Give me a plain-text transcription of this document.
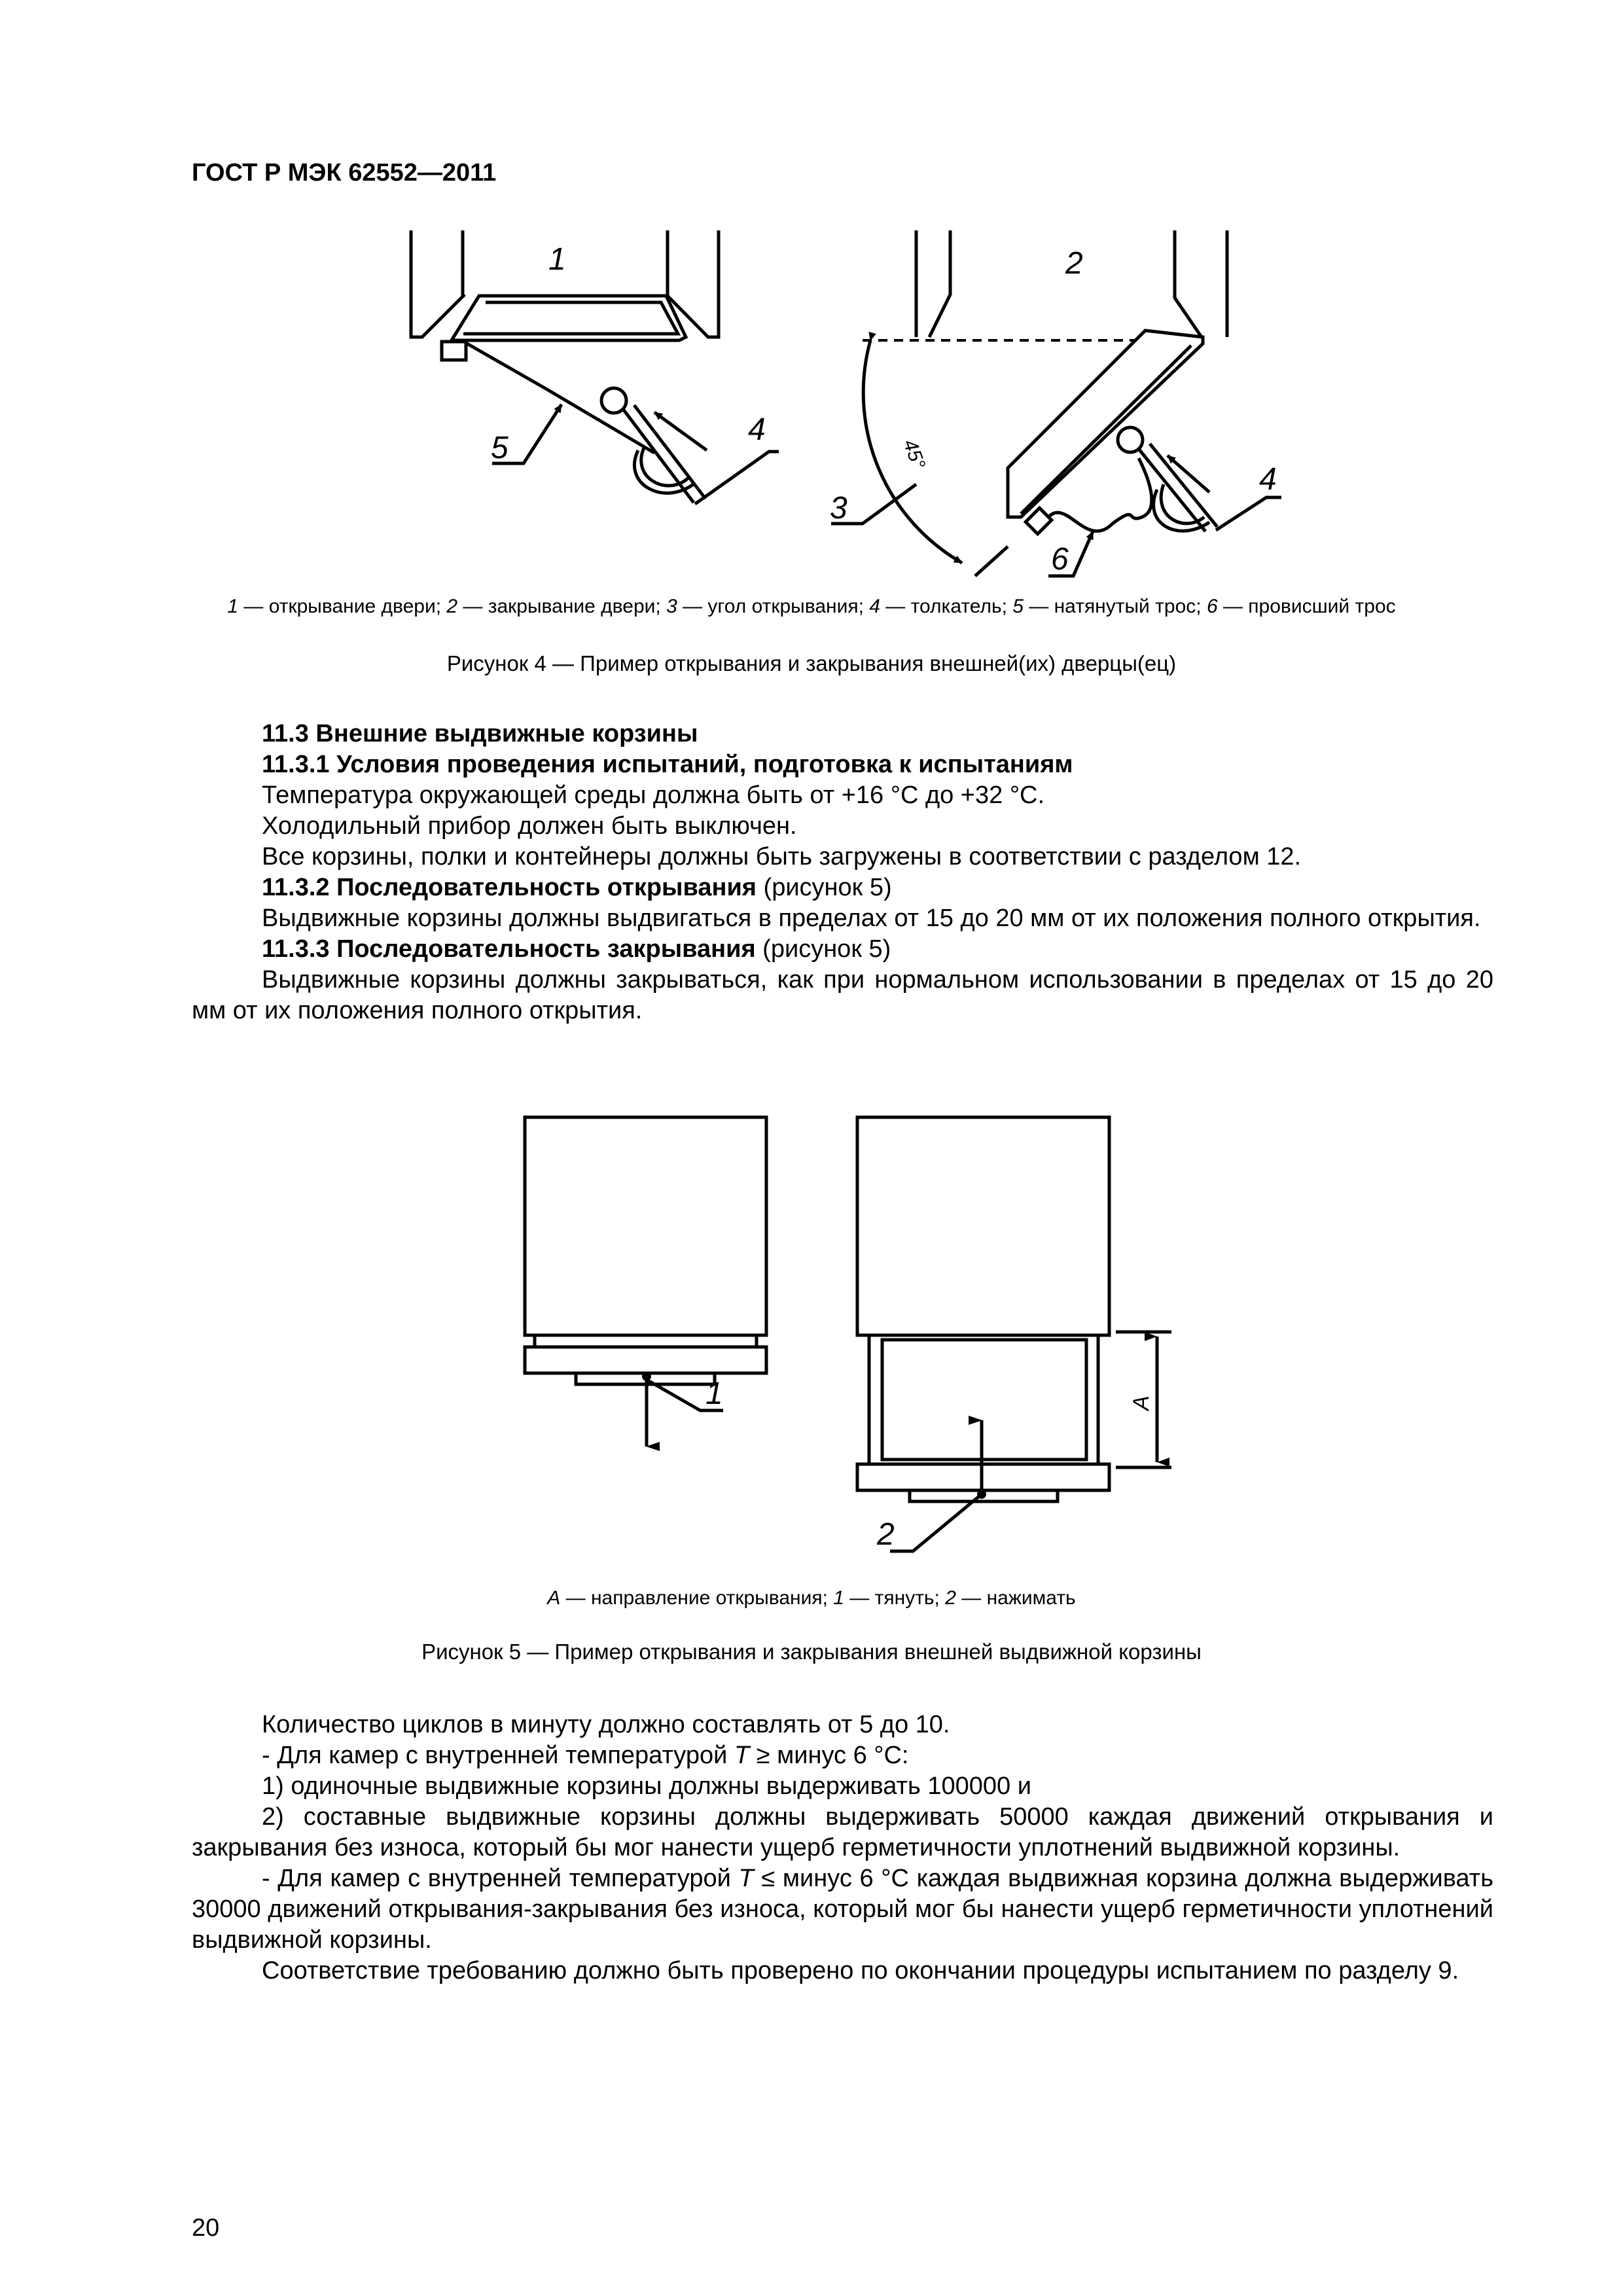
ГОСТ Р МЭК 62552—2011
1	2
4
5
3
4
6
45°
1 — открывание двери; 2 — закрывание двери; 3 — угол открывания; 4 — толкатель; 5 — натянутый трос; 6 — провисший трос
Рисунок 4 — Пример открывания и закрывания внешней(их) дверцы(ец)
11.3 Внешние выдвижные корзины
11.3.1 Условия проведения испытаний, подготовка к испытаниям

Температура окружающей среды должна быть от +16 °С до +32 °С.

Холодильный прибор должен быть выключен.

Все корзины, полки и контейнеры должны быть загружены в соответствии с разделом 12.

11.3.2 Последовательность открывания (рисунок 5)

Выдвижные корзины должны выдвигаться в пределах от 15 до 20 мм от их положения полного открытия.

11.3.3 Последовательность закрывания (рисунок 5)

Выдвижные корзины должны закрываться, как при нормальном использовании в пределах от 15 до 20 мм от их положения полного открытия.

1
2
А
А — направление открывания; 1 — тянуть; 2 — нажимать
Рисунок 5 — Пример открывания и закрывания внешней выдвижной корзины

Количество циклов в минуту должно составлять от 5 до 10.

- Для камер с внутренней температурой Т ≥ минус 6 °С:

1) одиночные выдвижные корзины должны выдерживать 100000 и

2) составные выдвижные корзины должны выдерживать 50000 каждая движений открывания и закрывания без износа, который бы мог нанести ущерб герметичности уплотнений выдвижной корзины.

- Для камер с внутренней температурой Т ≤ минус 6 °С каждая выдвижная корзина должна выдерживать 30000 движений открывания-закрывания без износа, который мог бы нанести ущерб герметичности уплотнений выдвижной корзины.

Соответствие требованию должно быть проверено по окончании процедуры испытанием по разделу 9.

20
